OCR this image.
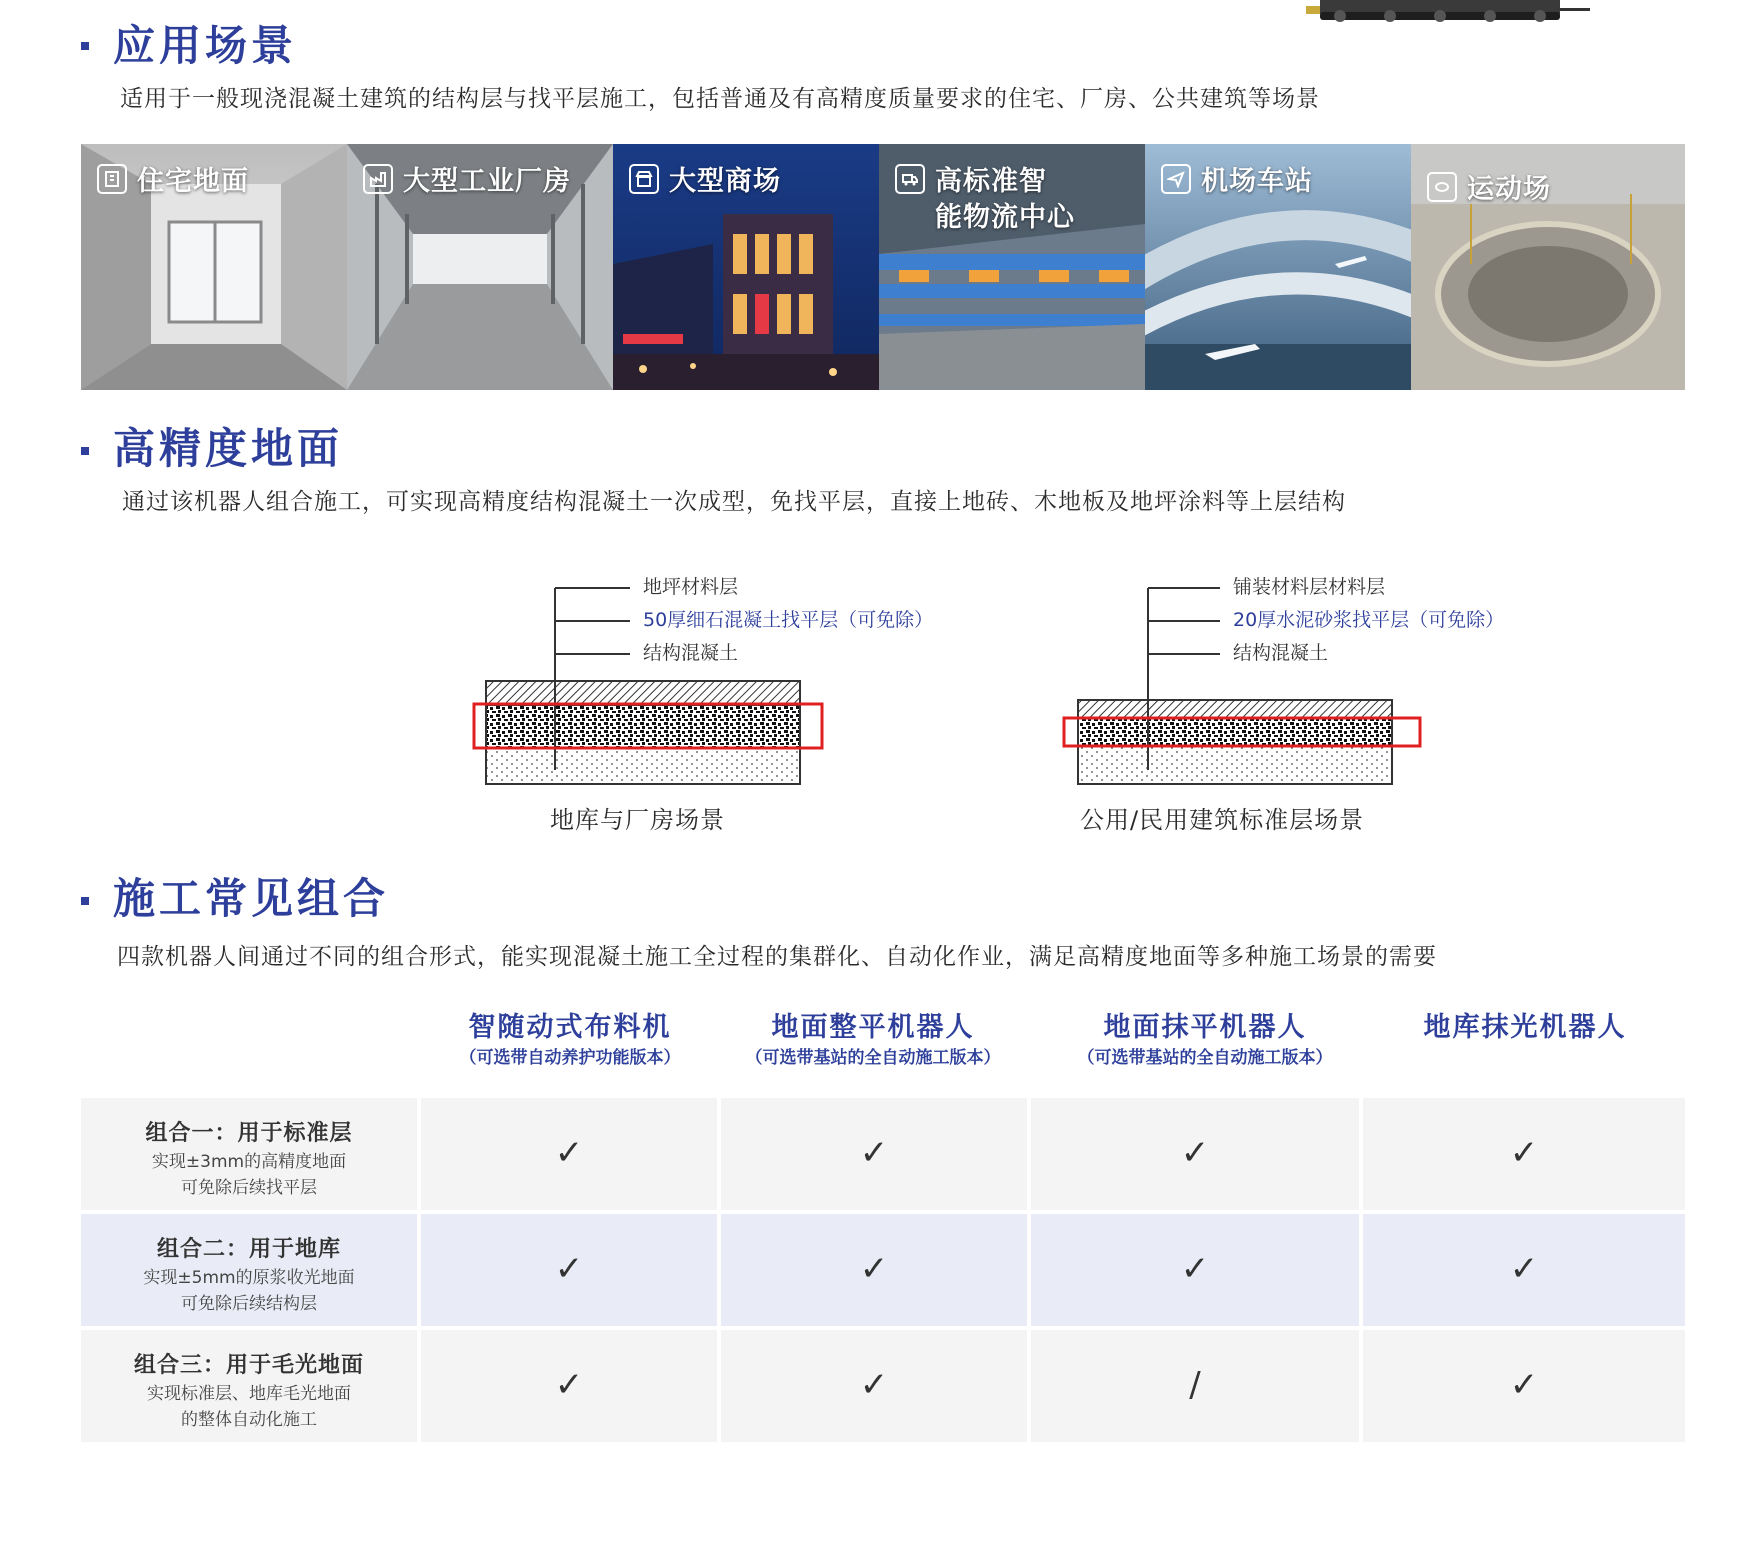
应用场景
适用于一般现浇混凝土建筑的结构层与找平层施工，包括普通及有高精度质量要求的住宅、厂房、公共建筑等场景
住宅地面	大型工业厂房	大型商场	高标准智
能物流中心
机场车站	运动场
高精度地面
通过该机器人组合施工，可实现高精度结构混凝土一次成型，免找平层，直接上地砖、木地板及地坪涂料等上层结构
地坪材料层
50厚细石混凝土找平层（可免除）
结构混凝土
地库与厂房场景
铺装材料层材料层
20厚水泥砂浆找平层（可免除）
结构混凝土
公用/民用建筑标准层场景
施工常见组合
四款机器人间通过不同的组合形式，能实现混凝土施工全过程的集群化、自动化作业，满足高精度地面等多种施工场景的需要
智随动式布料机
（可选带自动养护功能版本）
地面整平机器人
（可选带基站的全自动施工版本）
地面抹平机器人
（可选带基站的全自动施工版本）
地库抹光机器人
组合一：用于标准层
实现±3mm的高精度地面
可免除后续找平层
✓	✓	✓	✓
组合二：用于地库
实现±5mm的原浆收光地面
可免除后续结构层
✓	✓	✓	✓
组合三：用于毛光地面
实现标准层、地库毛光地面
的整体自动化施工
✓	✓	/	✓
